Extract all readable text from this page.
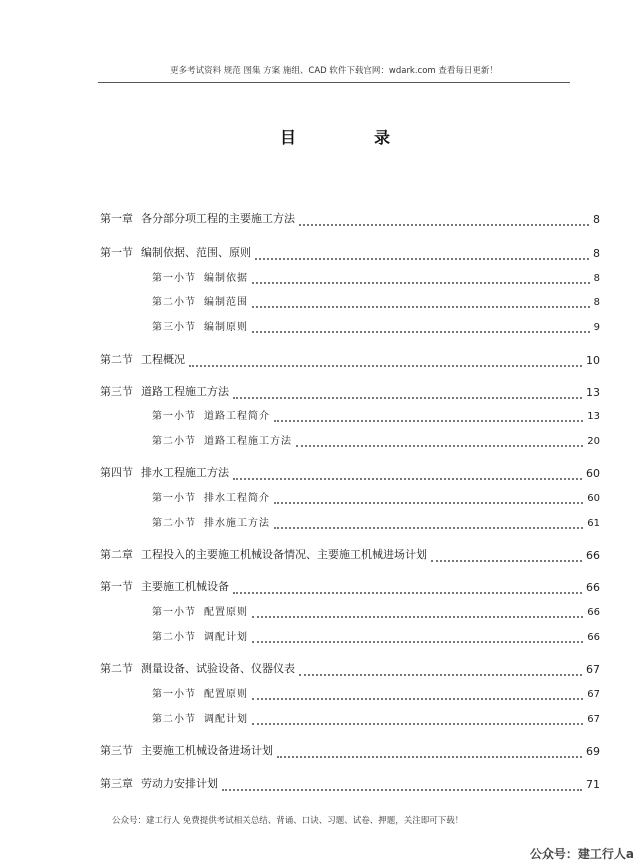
更多考试资料 规范 图集 方案 施组、CAD 软件下载官网：wdark.com 查看每日更新！
目	录
第一章 各分部分项工程的主要施工方法	8
第一节 编制依据、范围、原则	8
第一小节 编制依据	8
第二小节 编制范围	8
第三小节 编制原则	9
第二节 工程概况	10
第三节 道路工程施工方法	13
第一小节 道路工程简介	13
第二小节 道路工程施工方法	20
第四节 排水工程施工方法	60
第一小节 排水工程简介	60
第二小节 排水施工方法	61
第二章 工程投入的主要施工机械设备情况、主要施工机械进场计划	66
第一节 主要施工机械设备	66
第一小节 配置原则	66
第二小节 调配计划	66
第二节 测量设备、试验设备、仪器仪表	67
第一小节 配置原则	67
第二小节 调配计划	67
第三节 主要施工机械设备进场计划	69
第三章 劳动力安排计划	71
公众号：建工行人 免费提供考试相关总结、背诵、口诀、习题、试卷、押题，关注即可下载！
公众号：建工行人a
